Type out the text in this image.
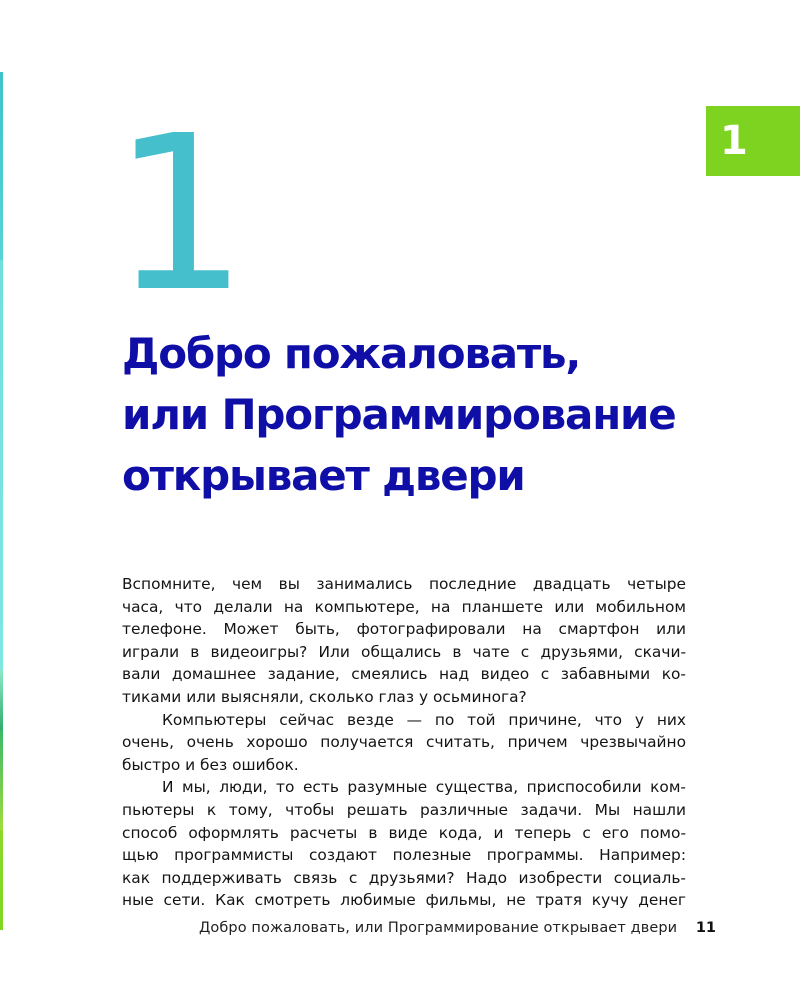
1
1
Добро пожаловать,
или Программирование
открывает двери

Вспомните, чем вы занимались последние двадцать четыре

часа, что делали на компьютере, на планшете или мобильном

телефоне. Может быть, фотографировали на смартфон или

играли в видеоигры? Или общались в чате с друзьями, скачи-

вали домашнее задание, смеялись над видео с забавными ко-

тиками или выясняли, сколько глаз у осьминога?

Компьютеры сейчас везде — по той причине, что у них

очень, очень хорошо получается считать, причем чрезвычайно

быстро и без ошибок.

И мы, люди, то есть разумные существа, приспособили ком-

пьютеры к тому, чтобы решать различные задачи. Мы нашли

способ оформлять расчеты в виде кода, и теперь с его помо-

щью программисты создают полезные программы. Например:

как поддерживать связь с друзьями? Надо изобрести социаль-

ные сети. Как смотреть любимые фильмы, не тратя кучу денег

Добро пожаловать, или Программирование открывает двери 11
